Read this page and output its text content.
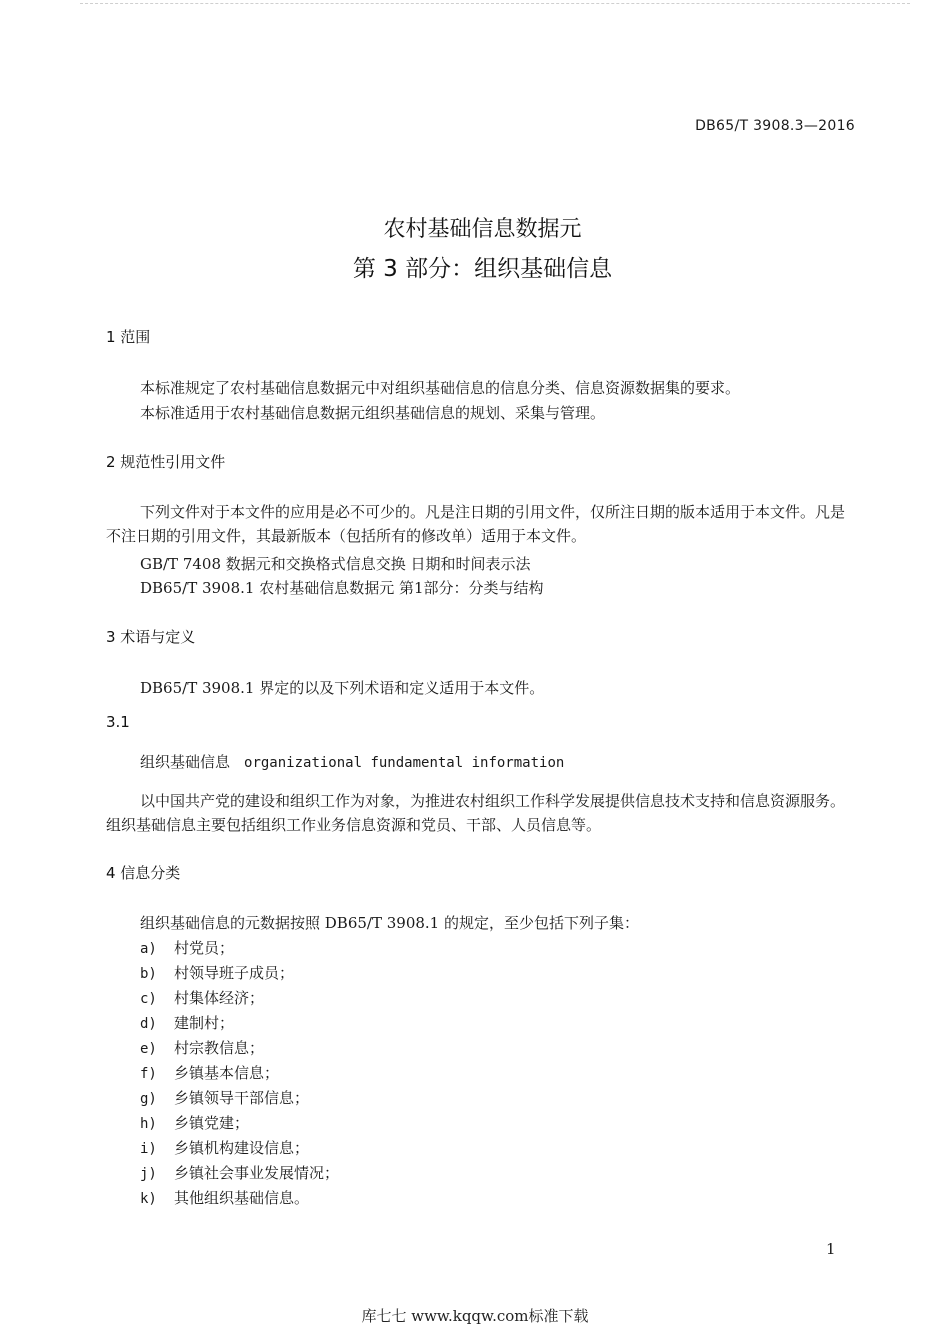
DB65/T 3908.3—2016
农村基础信息数据元
第 3 部分：组织基础信息
1 范围
本标准规定了农村基础信息数据元中对组织基础信息的信息分类、信息资源数据集的要求。
本标准适用于农村基础信息数据元组织基础信息的规划、采集与管理。
2 规范性引用文件
下列文件对于本文件的应用是必不可少的。凡是注日期的引用文件，仅所注日期的版本适用于本文件。凡是不注日期的引用文件，其最新版本（包括所有的修改单）适用于本文件。
GB/T 7408 数据元和交换格式信息交换 日期和时间表示法
DB65/T 3908.1 农村基础信息数据元 第1部分：分类与结构
3 术语与定义
DB65/T 3908.1 界定的以及下列术语和定义适用于本文件。
3.1
组织基础信息 organizational fundamental information
以中国共产党的建设和组织工作为对象，为推进农村组织工作科学发展提供信息技术支持和信息资源服务。组织基础信息主要包括组织工作业务信息资源和党员、干部、人员信息等。
4 信息分类
组织基础信息的元数据按照 DB65/T 3908.1 的规定，至少包括下列子集：
a) 村党员；
b) 村领导班子成员；
c) 村集体经济；
d) 建制村；
e) 村宗教信息；
f) 乡镇基本信息；
g) 乡镇领导干部信息；
h) 乡镇党建；
i) 乡镇机构建设信息；
j) 乡镇社会事业发展情况；
k) 其他组织基础信息。
1
库七七 www.kqqw.com标准下载
